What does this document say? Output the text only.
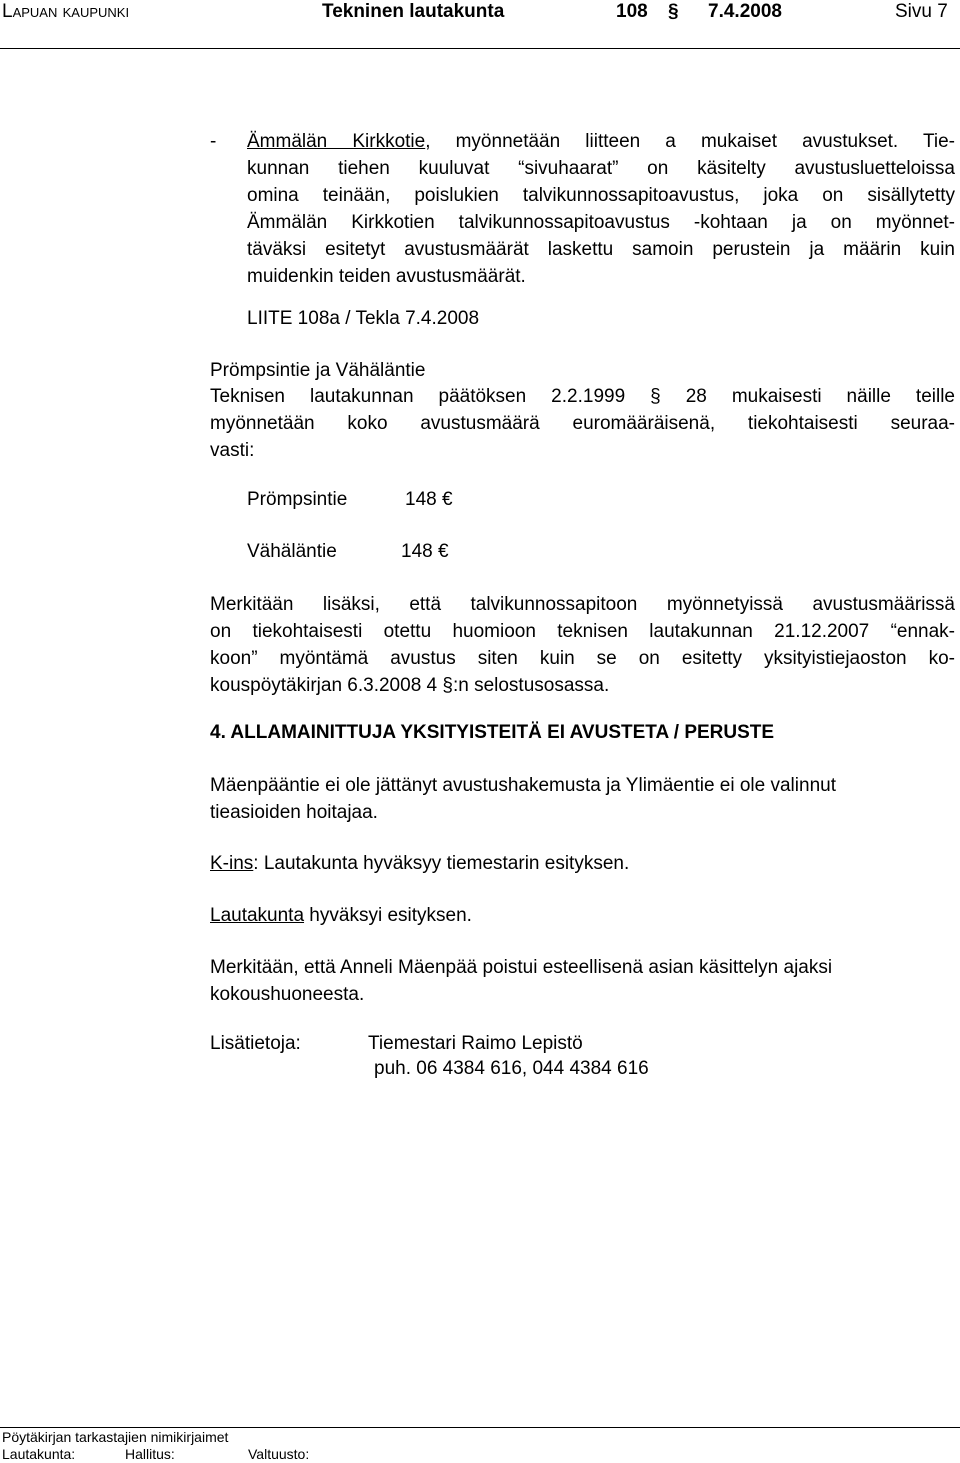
Lapuan kaupunki	Tekninen lautakunta	108 § 7.4.2008	Sivu 7
- Ämmälän Kirkkotie, myönnetään liitteen a mukaiset avustukset. Tie-
kunnan tiehen kuuluvat “sivuhaarat” on käsitelty avustusluetteloissa
omina teinään, poislukien talvikunnossapitoavustus, joka on sisällytetty
Ämmälän Kirkkotien talvikunnossapitoavustus -kohtaan ja on myönnet-
täväksi esitetyt avustusmäärät laskettu samoin perustein ja määrin kuin
muidenkin teiden avustusmäärät.
LIITE 108a / Tekla 7.4.2008
Prömpsintie ja Vähäläntie
Teknisen lautakunnan päätöksen 2.2.1999 § 28 mukaisesti näille teille
myönnetään koko avustusmäärä euromääräisenä, tiekohtaisesti seuraa-
vasti:
Prömpsintie	148 €
Vähäläntie	148 €
Merkitään lisäksi, että talvikunnossapitoon myönnetyissä avustusmäärissä
on tiekohtaisesti otettu huomioon teknisen lautakunnan 21.12.2007 “ennak-
koon” myöntämä avustus siten kuin se on esitetty yksityistiejaoston ko-
kouspöytäkirjan 6.3.2008 4 §:n selostusosassa.
4. ALLAMAINITTUJA YKSITYISTEITÄ EI AVUSTETA / PERUSTE
Mäenpääntie ei ole jättänyt avustushakemusta ja Ylimäentie ei ole valinnut
tieasioiden hoitajaa.
K-ins: Lautakunta hyväksyy tiemestarin esityksen.
Lautakunta hyväksyi esityksen.
Merkitään, että Anneli Mäenpää poistui esteellisenä asian käsittelyn ajaksi
kokoushuoneesta.
Lisätietoja:	Tiemestari Raimo Lepistö
puh. 06 4384 616, 044 4384 616
Pöytäkirjan tarkastajien nimikirjaimet
Lautakunta:	Hallitus:	Valtuusto:
